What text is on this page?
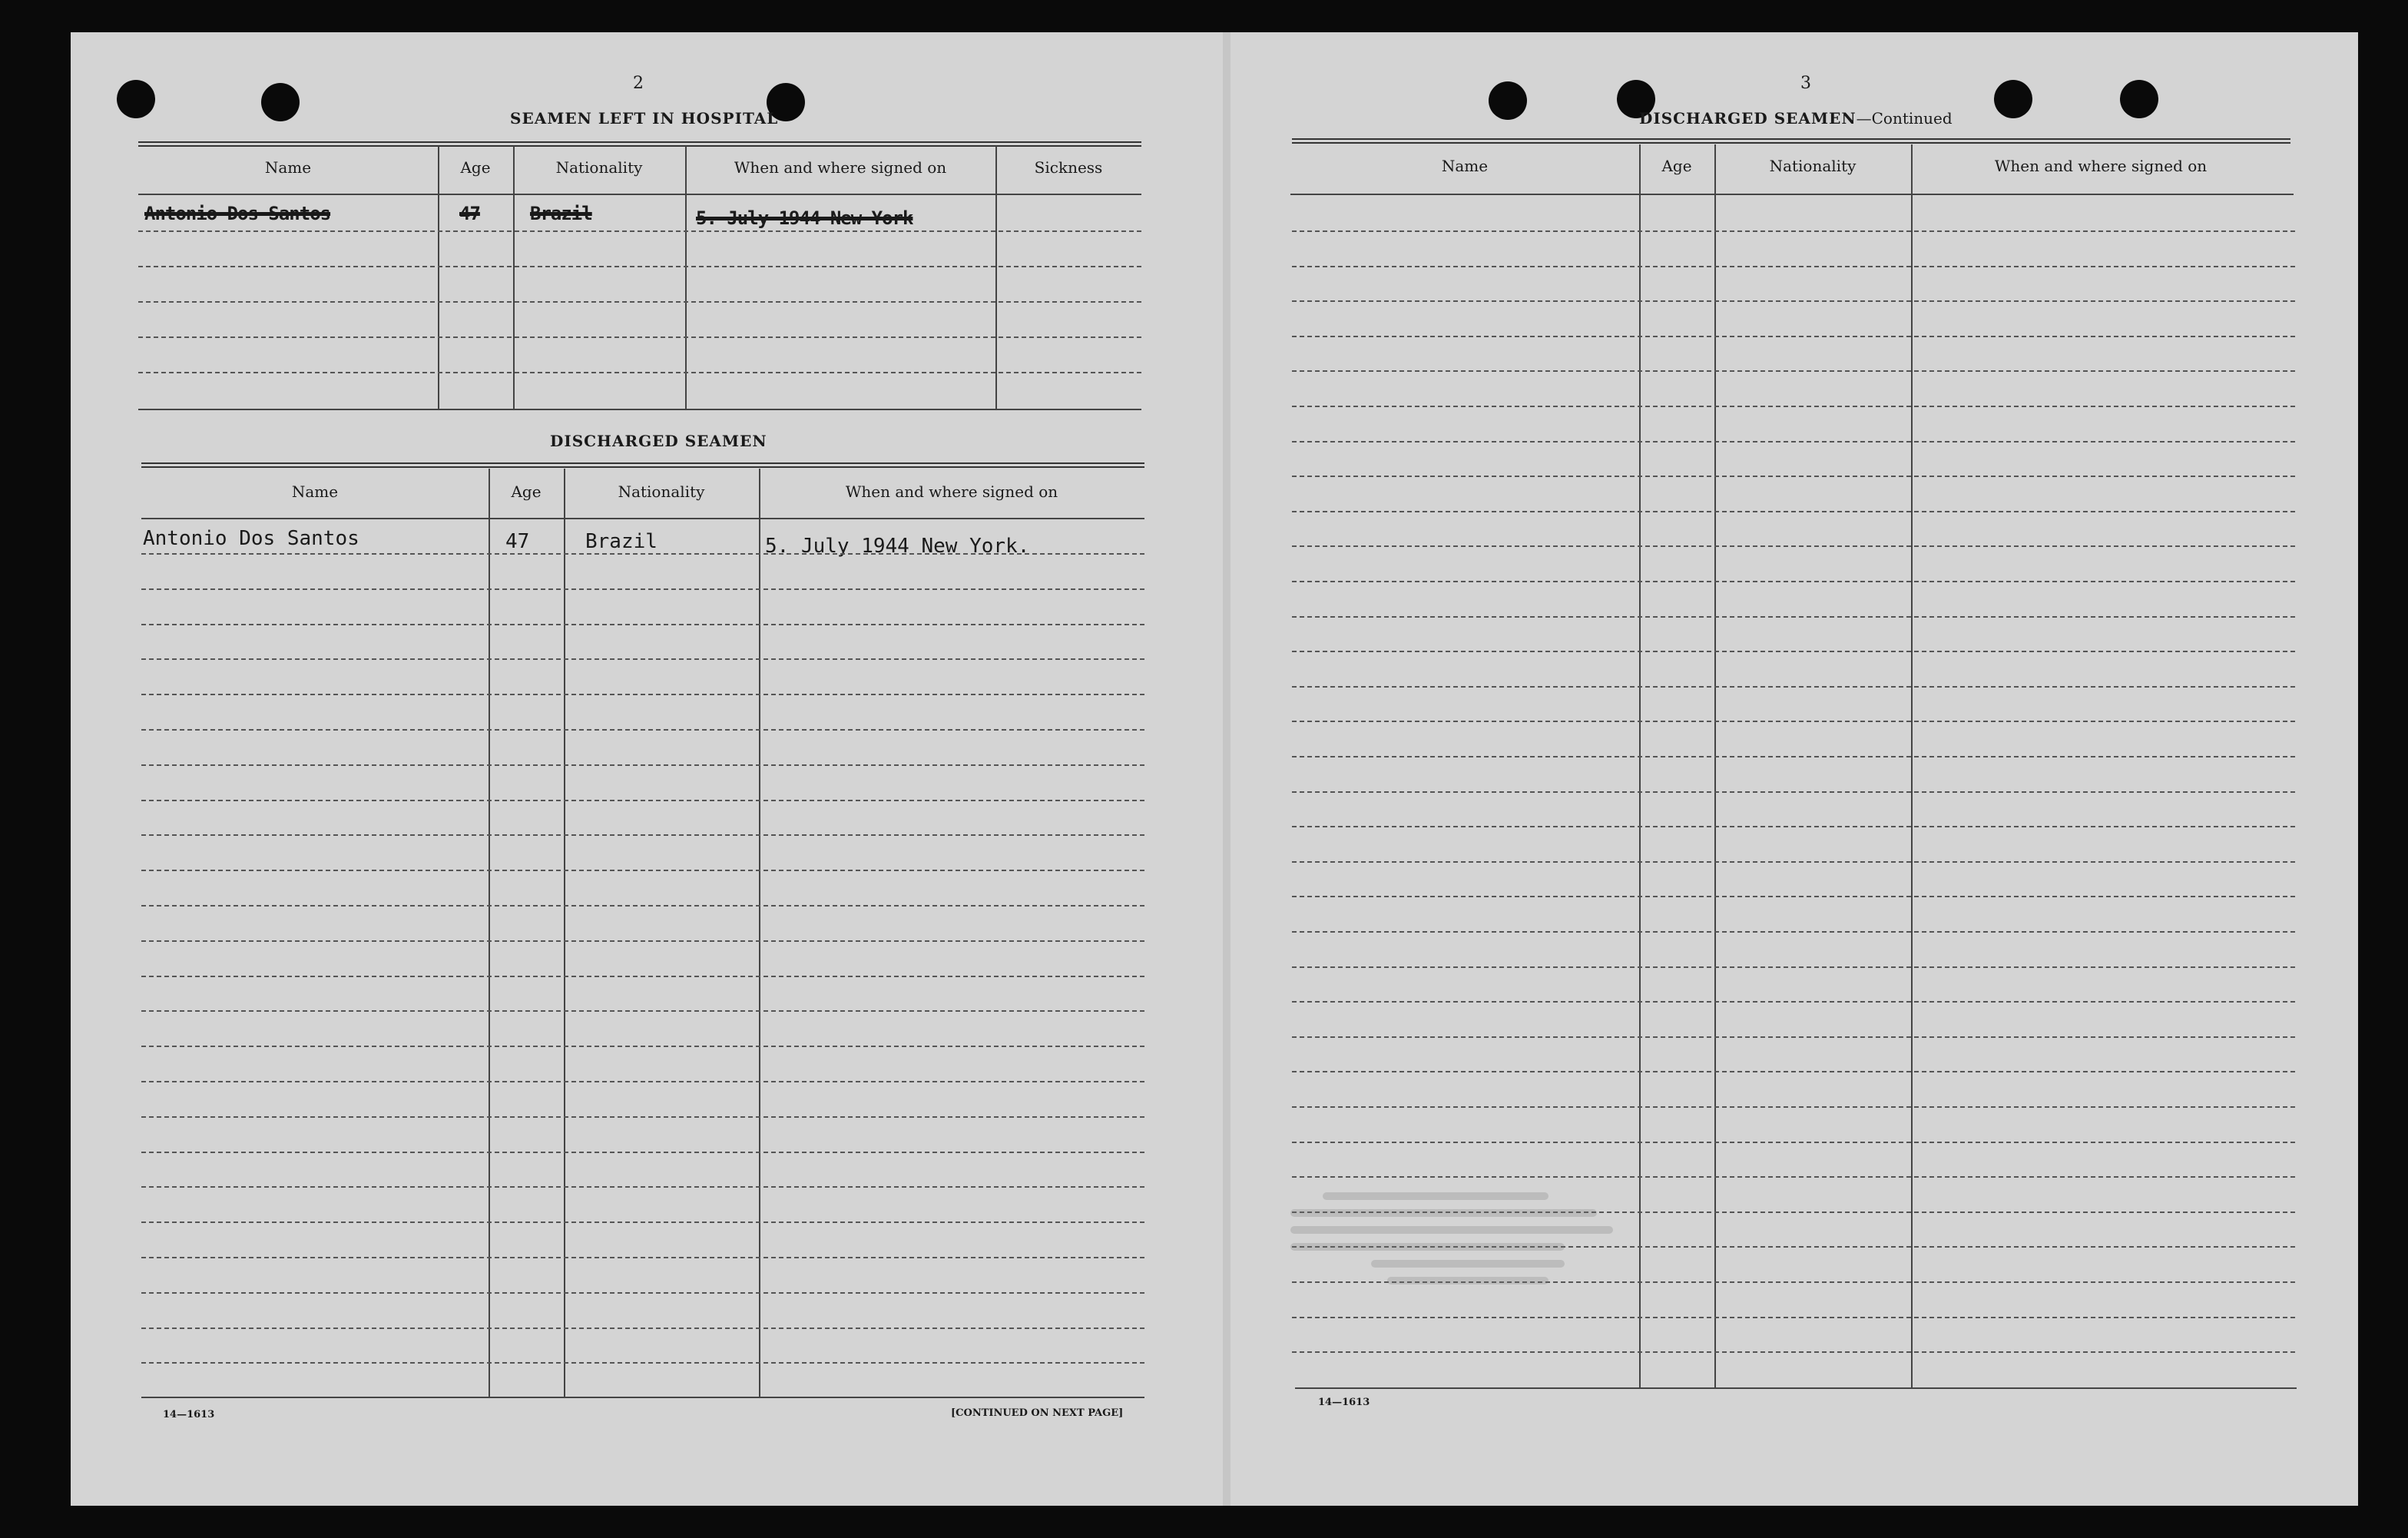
2
SEAMEN LEFT IN HOSPITAL
Name	Age	Nationality	When and where signed on	Sickness
Antonio Dos Santos	47	Brazil	5. July 1944 New York
DISCHARGED SEAMEN
Name	Age	Nationality	When and where signed on
Antonio Dos Santos	47	Brazil	5. July 1944 New York.
14—1613	[CONTINUED ON NEXT PAGE]
3
DISCHARGED SEAMEN—Continued
Name	Age	Nationality	When and where signed on
14—1613
